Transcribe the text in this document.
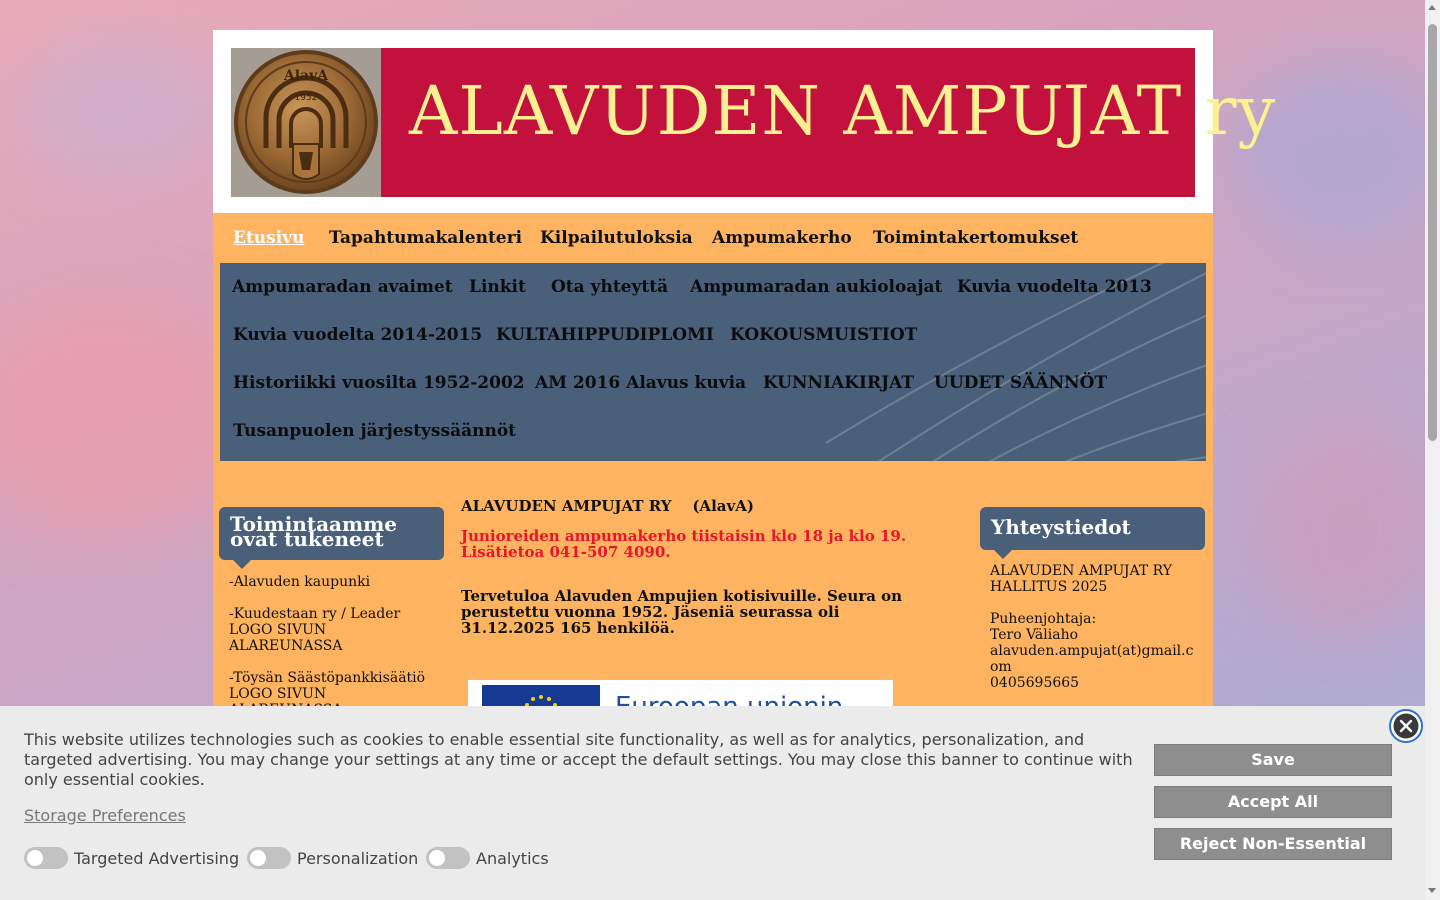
1952
AlavA ALAVUDEN AMPUJAT ry
Etusivu Tapahtumakalenteri Kilpailutuloksia Ampumakerho Toimintakertomukset
Ampumaradan avaimet Linkit Ota yhteyttä Ampumaradan aukioloajat Kuvia vuodelta 2013
Kuvia vuodelta 2014-2015 KULTAHIPPUDIPLOMI KOKOUSMUISTIOT
Historiikki vuosilta 1952-2002 AM 2016 Alavus kuvia KUNNIAKIRJAT UUDET SÄÄNNÖT
Tusanpuolen järjestyssäännöt
Toimintaamme ovat tukeneet

-Alavuden kaupunki

-Kuudestaan ry / Leader LOGO SIVUN ALAREUNASSA

-Töysän Säästöpankkisäätiö LOGO SIVUN

ALAVUDEN AMPUJAT RY    (AlavA)
Junioreiden ampumakerho tiistaisin klo 18 ja klo 19. Lisätietoa 041-507 4090.
Tervetuloa Alavuden Ampujien kotisivuille. Seura on perustettu vuonna 1952. Jäseniä seurassa oli 31.12.2025 165 henkilöä.
Yhteystiedot

ALAVUDEN AMPUJAT RY

HALLITUS 2025

Puheenjohtaja:

Tero Väliaho

alavuden.ampujat(at)gmail.c om

0405695665

This website utilizes technologies such as cookies to enable essential site functionality, as well as for analytics, personalization, and targeted advertising. You may change your settings at any time or accept the default settings. You may close this banner to continue with only essential cookies.

Storage Preferences
Targeted Advertising	Personalization	Analytics
Save
Accept All
Reject Non-Essential
